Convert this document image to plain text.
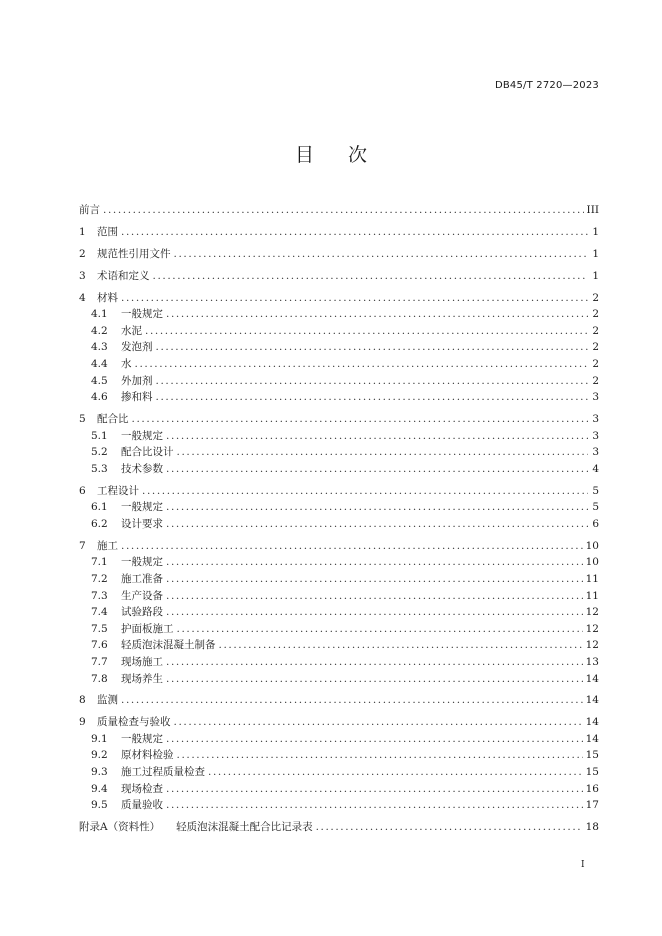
DB45/T 2720—2023
目 次
前言 .....	III
1	范围 .....	1
2	规范性引用文件 .....	1
3	术语和定义 .....	1
4	材料 .....	2
4.1	一般规定 .....	2
4.2	水泥 .....	2
4.3	发泡剂 .....	2
4.4	水 .....	2
4.5	外加剂 .....	2
4.6	掺和料 .....	3
5	配合比 .....	3
5.1	一般规定 .....	3
5.2	配合比设计 .....	3
5.3	技术参数 .....	4
6	工程设计 .....	5
6.1	一般规定 .....	5
6.2	设计要求 .....	6
7	施工 .....	10
7.1	一般规定 .....	10
7.2	施工准备 .....	11
7.3	生产设备 .....	11
7.4	试验路段 .....	12
7.5	护面板施工 .....	12
7.6	轻质泡沫混凝土制备 .....	12
7.7	现场施工 .....	13
7.8	现场养生 .....	14
8	监测 .....	14
9	质量检查与验收 .....	14
9.1	一般规定 .....	14
9.2	原材料检验 .....	15
9.3	施工过程质量检查 .....	15
9.4	现场检查 .....	16
9.5	质量验收 .....	17
附录A（资料性） 轻质泡沫混凝土配合比记录表 .....	18
I
